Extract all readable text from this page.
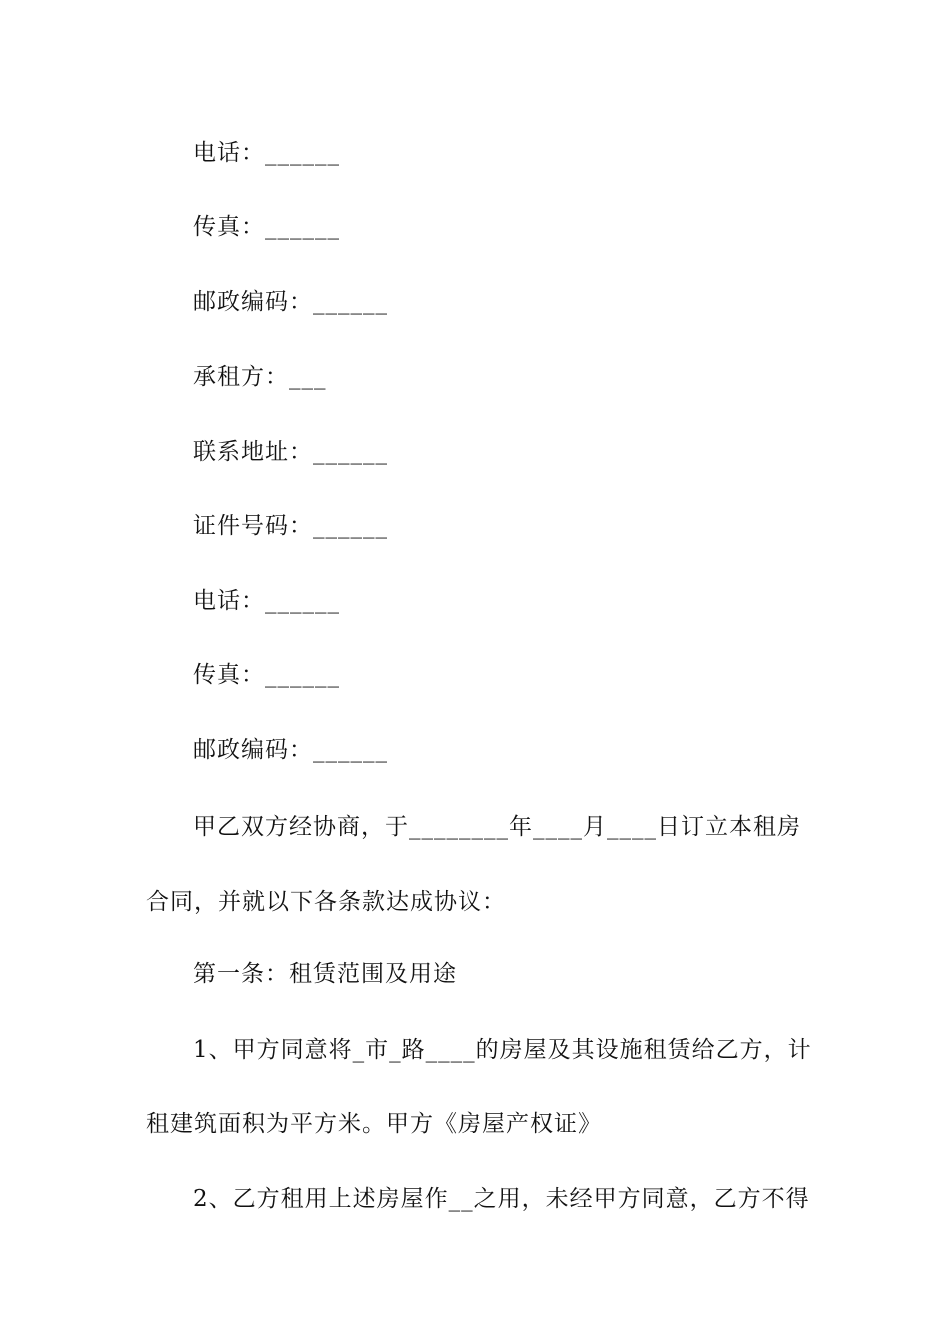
电话：______
传真：______
邮政编码：______
承租方：___
联系地址：______
证件号码：______
电话：______
传真：______
邮政编码：______
甲乙双方经协商，于________年____月____日订立本租房
合同，并就以下各条款达成协议：
第一条：租赁范围及用途
1、甲方同意将_市_路____的房屋及其设施租赁给乙方，计
租建筑面积为平方米。甲方《房屋产权证》
2、乙方租用上述房屋作__之用，未经甲方同意，乙方不得
